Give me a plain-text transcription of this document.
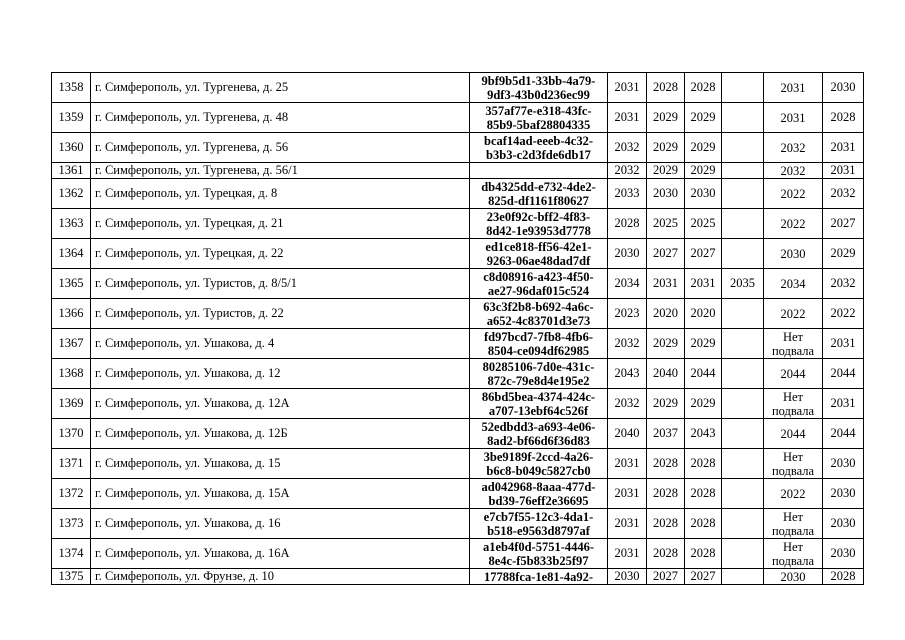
1358	г. Симферополь, ул. Тургенева, д. 25	9bf9b5d1-33bb-4a79-
9df3-43b0d236ec99	2031	2028	2028		2031	2030
1359	г. Симферополь, ул. Тургенева, д. 48	357af77e-e318-43fc-
85b9-5baf28804335	2031	2029	2029		2031	2028
1360	г. Симферополь, ул. Тургенева, д. 56	bcaf14ad-eeeb-4c32-
b3b3-c2d3fde6db17	2032	2029	2029		2032	2031
1361	г. Симферополь, ул. Тургенева, д. 56/1		2032	2029	2029		2032	2031
1362	г. Симферополь, ул. Турецкая, д. 8	db4325dd-e732-4de2-
825d-df1161f80627	2033	2030	2030		2022	2032
1363	г. Симферополь, ул. Турецкая, д. 21	23e0f92c-bff2-4f83-
8d42-1e93953d7778	2028	2025	2025		2022	2027
1364	г. Симферополь, ул. Турецкая, д. 22	ed1ce818-ff56-42e1-
9263-06ae48dad7df	2030	2027	2027		2030	2029
1365	г. Симферополь, ул. Туристов, д. 8/5/1	c8d08916-a423-4f50-
ae27-96daf015c524	2034	2031	2031	2035	2034	2032
1366	г. Симферополь, ул. Туристов, д. 22	63c3f2b8-b692-4a6c-
a652-4c83701d3e73	2023	2020	2020		2022	2022
1367	г. Симферополь, ул. Ушакова, д. 4	fd97bcd7-7fb8-4fb6-
8504-ce094df62985	2032	2029	2029		Нет
подвала	2031
1368	г. Симферополь, ул. Ушакова, д. 12	80285106-7d0e-431c-
872c-79e8d4e195e2	2043	2040	2044		2044	2044
1369	г. Симферополь, ул. Ушакова, д. 12А	86bd5bea-4374-424c-
a707-13ebf64c526f	2032	2029	2029		Нет
подвала	2031
1370	г. Симферополь, ул. Ушакова, д. 12Б	52edbdd3-a693-4e06-
8ad2-bf66d6f36d83	2040	2037	2043		2044	2044
1371	г. Симферополь, ул. Ушакова, д. 15	3be9189f-2ccd-4a26-
b6c8-b049c5827cb0	2031	2028	2028		Нет
подвала	2030
1372	г. Симферополь, ул. Ушакова, д. 15А	ad042968-8aaa-477d-
bd39-76eff2e36695	2031	2028	2028		2022	2030
1373	г. Симферополь, ул. Ушакова, д. 16	e7cb7f55-12c3-4da1-
b518-e9563d8797af	2031	2028	2028		Нет
подвала	2030
1374	г. Симферополь, ул. Ушакова, д. 16А	a1eb4f0d-5751-4446-
8e4c-f5b833b25f97	2031	2028	2028		Нет
подвала	2030
1375	г. Симферополь, ул. Фрунзе, д. 10	17788fca-1e81-4a92-	2030	2027	2027		2030	2028
